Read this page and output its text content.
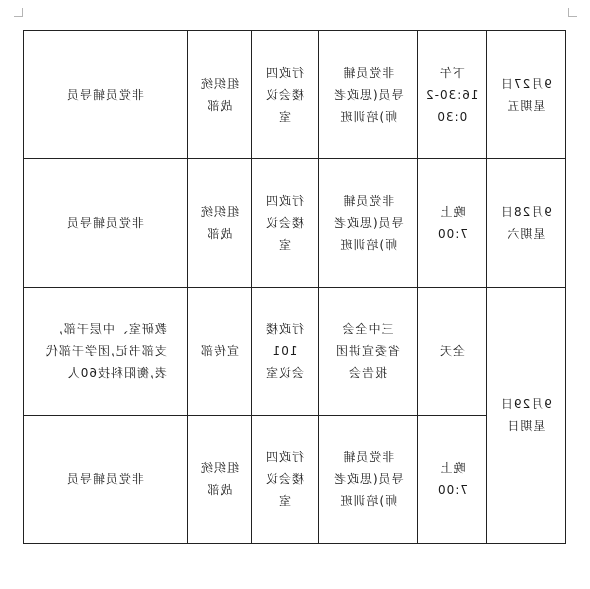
非党员辅导员	组织统
战部	行政四
楼会议
室	非党员辅
导员(思政老
师)培训班	下午
16:30-2
0:30	9月27日
星期五
非党员辅导员	组织统
战部	行政四
楼会议
室	非党员辅
导员(思政老
师)培训班	晚上
7:00	9月28日
星期六
教研室、中层干部,
支部书记,团学干部代
表,衡阳科技60人	宣传部	行政楼
101
会议室	三中全会
省委宣讲团
报告会	全天	9月29日
星期日
非党员辅导员	组织统
战部	行政四
楼会议
室	非党员辅
导员(思政老
师)培训班	晚上
7:00	
